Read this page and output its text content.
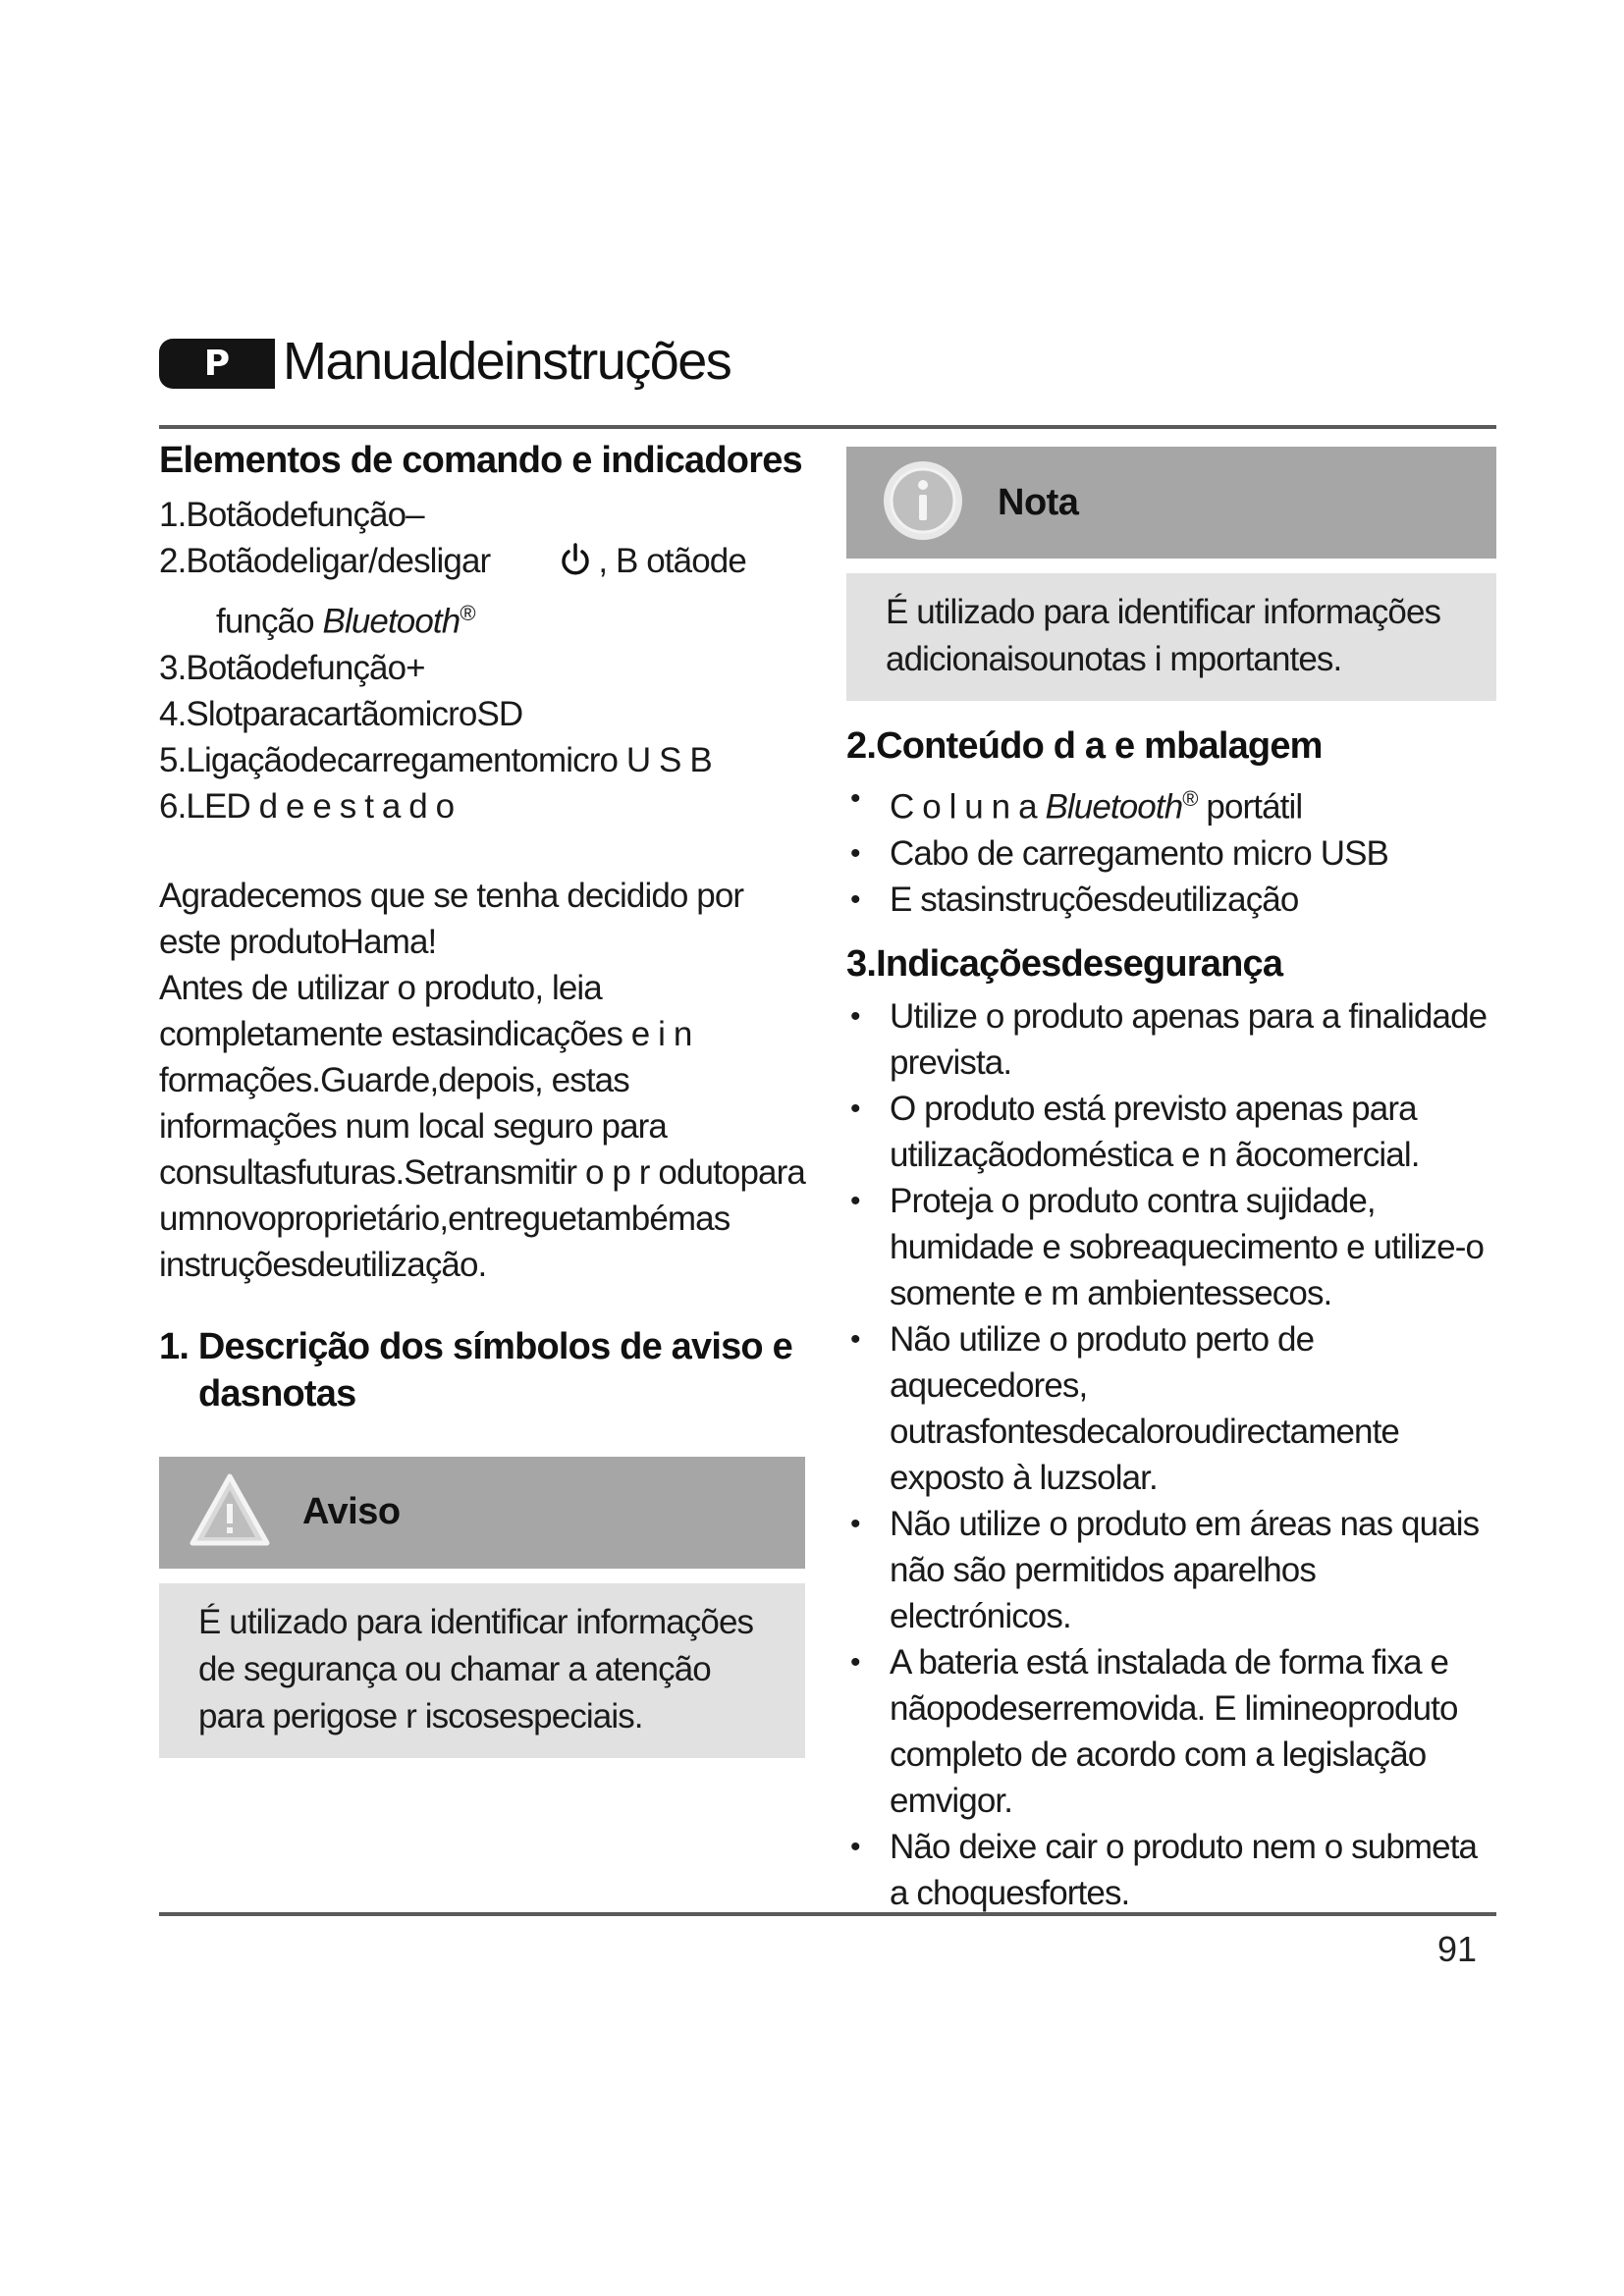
P Manualdeinstruções
Elementos de comando e indicadores
1.Botãodefunção–
2.Botãodeligar/desligar	, B otãode
função Bluetooth®
3.Botãodefunção+
4.SlotparacartãomicroSD
5.Ligaçãodecarregamentomicro U S B
6.LED d e e s t a d o

Agradecemos que se tenha decidido por este produtoHama!

Antes de utilizar o produto, leia completamente estasindicações e i n formações.Guarde,depois, estas informações num local seguro para consultasfuturas.Setransmitir o p r odutopara umnovoproprietário,entreguetambémas instruçõesdeutilização.

1. Descrição dos símbolos de aviso e dasnotas
Aviso

É utilizado para identificar informações de segurança ou chamar a atenção para perigose r iscosespeciais.

Nota

É utilizado para identificar informações adicionaisounotas i mportantes.

2.Conteúdo d a e mbalagem
• C o l u n a Bluetooth® portátil
• Cabo de carregamento micro USB
• E stasinstruçõesdeutilização
3.Indicaçõesdesegurança
• Utilize o produto apenas para a finalidade prevista.
• O produto está previsto apenas para utilizaçãodoméstica e n ãocomercial.
• Proteja o produto contra sujidade, humidade e sobreaquecimento e utilize-o somente e m ambientessecos.
• Não utilize o produto perto de aquecedores, outrasfontesdecaloroudirectamente exposto à luzsolar.
• Não utilize o produto em áreas nas quais não são permitidos aparelhos electrónicos.
• A bateria está instalada de forma fixa e nãopodeserremovida. E limineoproduto completo de acordo com a legislação emvigor.
• Não deixe cair o produto nem o submeta a choquesfortes.
91
